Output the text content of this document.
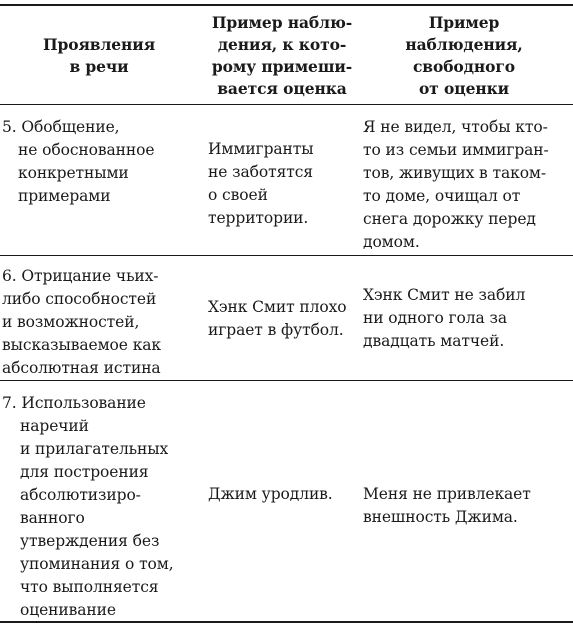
Проявления
в речи
Пример наблю-
дения, к кото-
рому примеши-
вается оценка
Пример
наблюдения,
свободного
от оценки
5. Обобщение,
не обоснованное
конкретными
примерами
Иммигранты
не заботятся
о своей
территории.
Я не видел, чтобы кто-
то из семьи иммигран-
тов, живущих в таком-
то доме, очищал от
снега дорожку перед
домом.
6. Отрицание чьих-
либо способностей
и возможностей,
высказываемое как
абсолютная истина
Хэнк Смит плохо
играет в футбол.
Хэнк Смит не забил
ни одного гола за
двадцать матчей.
7. Использование
наречий
и прилагательных
для построения
абсолютизиро-
ванного
утверждения без
упоминания о том,
что выполняется
оценивание
Джим уродлив.	Меня не привлекает
внешность Джима.
